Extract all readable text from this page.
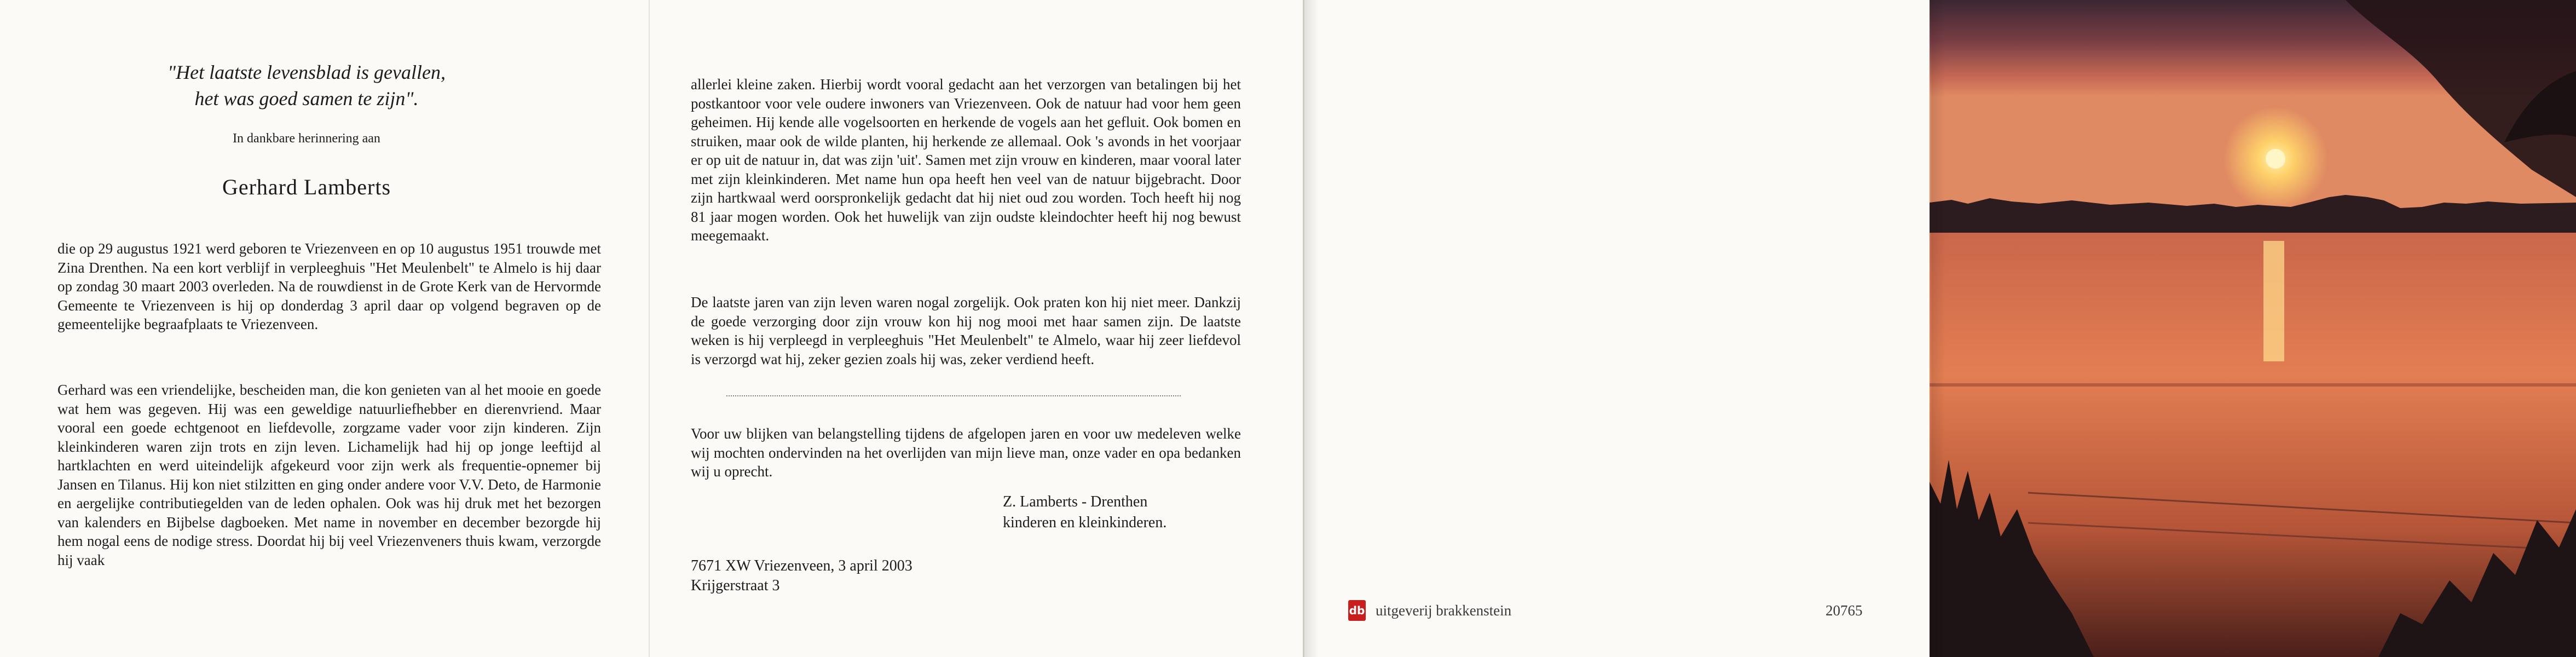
"Het laatste levensblad is gevallen,
het was goed samen te zijn".
In dankbare herinnering aan
Gerhard Lamberts

die op 29 augustus 1921 werd geboren te Vriezenveen en op 10 augustus 1951 trouwde met Zina Drenthen. Na een kort verblijf in verpleeghuis "Het Meulenbelt" te Almelo is hij daar op zondag 30 maart 2003 overleden. Na de rouwdienst in de Grote Kerk van de Hervormde Gemeente te Vriezenveen is hij op donderdag 3 april daar op volgend begraven op de gemeentelijke begraafplaats te Vriezenveen.

Gerhard was een vriendelijke, bescheiden man, die kon genieten van al het mooie en goede wat hem was gegeven. Hij was een geweldige natuurliefhebber en dierenvriend. Maar vooral een goede echtgenoot en liefdevolle, zorgzame vader voor zijn kinderen. Zijn kleinkinderen waren zijn trots en zijn leven. Lichamelijk had hij op jonge leeftijd al hartklachten en werd uiteindelijk afgekeurd voor zijn werk als frequentie-opnemer bij Jansen en Tilanus. Hij kon niet stilzitten en ging onder andere voor V.V. Deto, de Harmonie en aergelijke contributiegelden van de leden ophalen. Ook was hij druk met het bezorgen van kalenders en Bijbelse dagboeken. Met name in november en december bezorgde hij hem nogal eens de nodige stress. Doordat hij bij veel Vriezenveners thuis kwam, verzorgde hij vaak

allerlei kleine zaken. Hierbij wordt vooral gedacht aan het verzorgen van betalingen bij het postkantoor voor vele oudere inwoners van Vriezenveen. Ook de natuur had voor hem geen geheimen. Hij kende alle vogelsoorten en herkende de vogels aan het gefluit. Ook bomen en struiken, maar ook de wilde planten, hij herkende ze allemaal. Ook 's avonds in het voorjaar er op uit de natuur in, dat was zijn 'uit'. Samen met zijn vrouw en kinderen, maar vooral later met zijn kleinkinderen. Met name hun opa heeft hen veel van de natuur bijgebracht. Door zijn hartkwaal werd oorspronkelijk gedacht dat hij niet oud zou worden. Toch heeft hij nog 81 jaar mogen worden. Ook het huwelijk van zijn oudste kleindochter heeft hij nog bewust meegemaakt.

De laatste jaren van zijn leven waren nogal zorgelijk. Ook praten kon hij niet meer. Dankzij de goede verzorging door zijn vrouw kon hij nog mooi met haar samen zijn. De laatste weken is hij verpleegd in verpleeghuis "Het Meulenbelt" te Almelo, waar hij zeer liefdevol is verzorgd wat hij, zeker gezien zoals hij was, zeker verdiend heeft.

Voor uw blijken van belangstelling tijdens de afgelopen jaren en voor uw medeleven welke wij mochten ondervinden na het overlijden van mijn lieve man, onze vader en opa bedanken wij u oprecht.

Z. Lamberts - Drenthen
kinderen en kleinkinderen.
7671 XW Vriezenveen, 3 april 2003
Krijgerstraat 3
db uitgeverij brakkenstein	20765
